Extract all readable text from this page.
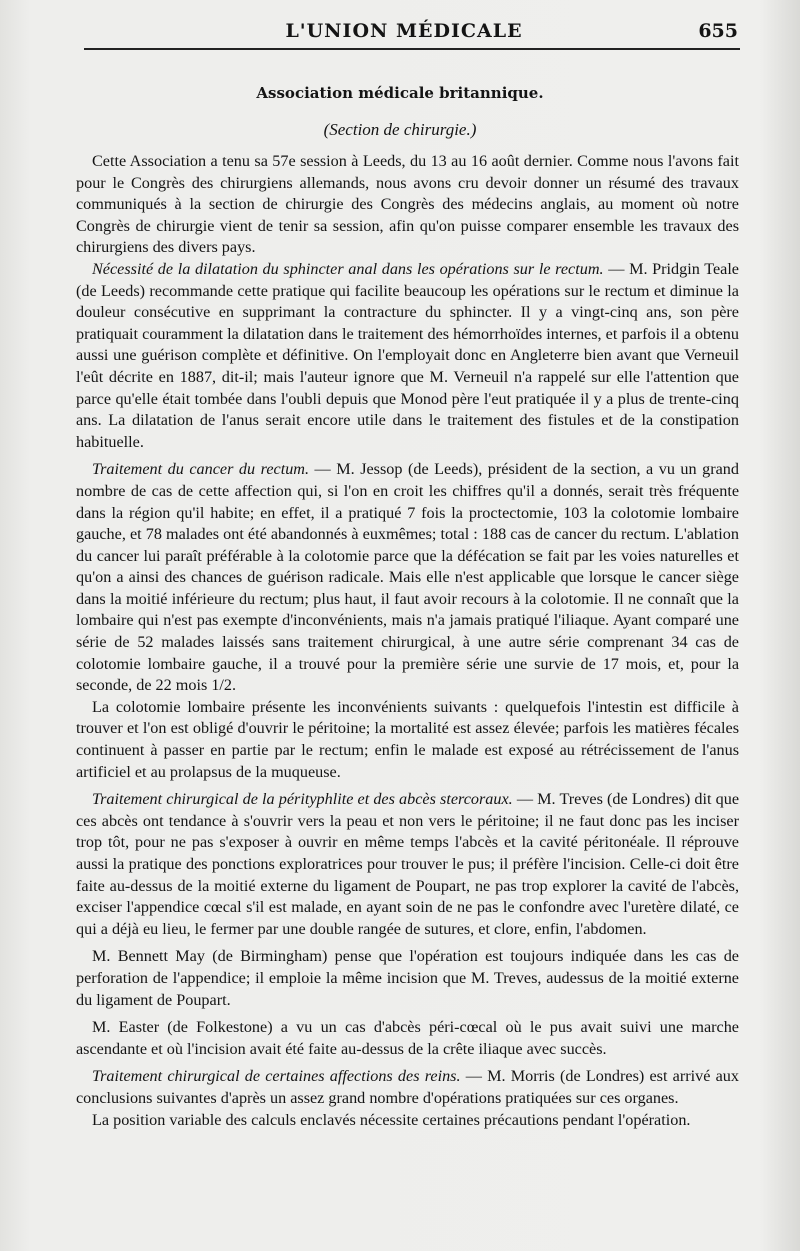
L'UNION MÉDICALE	655
Association médicale britannique.
(Section de chirurgie.)

Cette Association a tenu sa 57e session à Leeds, du 13 au 16 août dernier. Comme nous l'avons fait pour le Congrès des chirurgiens allemands, nous avons cru devoir donner un résumé des travaux communiqués à la section de chirurgie des Congrès des médecins anglais, au moment où notre Congrès de chirurgie vient de tenir sa session, afin qu'on puisse comparer ensemble les travaux des chirurgiens des divers pays.

Nécessité de la dilatation du sphincter anal dans les opérations sur le rectum. — M. Pridgin Teale (de Leeds) recommande cette pratique qui facilite beaucoup les opérations sur le rectum et diminue la douleur consécutive en supprimant la contracture du sphincter. Il y a vingt-cinq ans, son père pratiquait couramment la dilatation dans le traitement des hémorrhoïdes internes, et parfois il a obtenu aussi une guérison complète et définitive. On l'employait donc en Angleterre bien avant que Verneuil l'eût décrite en 1887, dit-il; mais l'auteur ignore que M. Verneuil n'a rappelé sur elle l'attention que parce qu'elle était tombée dans l'oubli depuis que Monod père l'eut pratiquée il y a plus de trente-cinq ans. La dilatation de l'anus serait encore utile dans le traitement des fistules et de la constipation habituelle.

Traitement du cancer du rectum. — M. Jessop (de Leeds), président de la section, a vu un grand nombre de cas de cette affection qui, si l'on en croit les chiffres qu'il a donnés, serait très fréquente dans la région qu'il habite; en effet, il a pratiqué 7 fois la proctectomie, 103 la colotomie lombaire gauche, et 78 malades ont été abandonnés à euxmêmes; total : 188 cas de cancer du rectum. L'ablation du cancer lui paraît préférable à la colotomie parce que la défécation se fait par les voies naturelles et qu'on a ainsi des chances de guérison radicale. Mais elle n'est applicable que lorsque le cancer siège dans la moitié inférieure du rectum; plus haut, il faut avoir recours à la colotomie. Il ne connaît que la lombaire qui n'est pas exempte d'inconvénients, mais n'a jamais pratiqué l'iliaque. Ayant comparé une série de 52 malades laissés sans traitement chirurgical, à une autre série comprenant 34 cas de colotomie lombaire gauche, il a trouvé pour la première série une survie de 17 mois, et, pour la seconde, de 22 mois 1/2.

La colotomie lombaire présente les inconvénients suivants : quelquefois l'intestin est difficile à trouver et l'on est obligé d'ouvrir le péritoine; la mortalité est assez élevée; parfois les matières fécales continuent à passer en partie par le rectum; enfin le malade est exposé au rétrécissement de l'anus artificiel et au prolapsus de la muqueuse.

Traitement chirurgical de la pérityphlite et des abcès stercoraux. — M. Treves (de Londres) dit que ces abcès ont tendance à s'ouvrir vers la peau et non vers le péritoine; il ne faut donc pas les inciser trop tôt, pour ne pas s'exposer à ouvrir en même temps l'abcès et la cavité péritonéale. Il réprouve aussi la pratique des ponctions exploratrices pour trouver le pus; il préfère l'incision. Celle-ci doit être faite au-dessus de la moitié externe du ligament de Poupart, ne pas trop explorer la cavité de l'abcès, exciser l'appendice cœcal s'il est malade, en ayant soin de ne pas le confondre avec l'uretère dilaté, ce qui a déjà eu lieu, le fermer par une double rangée de sutures, et clore, enfin, l'abdomen.

M. Bennett May (de Birmingham) pense que l'opération est toujours indiquée dans les cas de perforation de l'appendice; il emploie la même incision que M. Treves, audessus de la moitié externe du ligament de Poupart.

M. Easter (de Folkestone) a vu un cas d'abcès péri-cœcal où le pus avait suivi une marche ascendante et où l'incision avait été faite au-dessus de la crête iliaque avec succès.

Traitement chirurgical de certaines affections des reins. — M. Morris (de Londres) est arrivé aux conclusions suivantes d'après un assez grand nombre d'opérations pratiquées sur ces organes.

La position variable des calculs enclavés nécessite certaines précautions pendant l'opération.
